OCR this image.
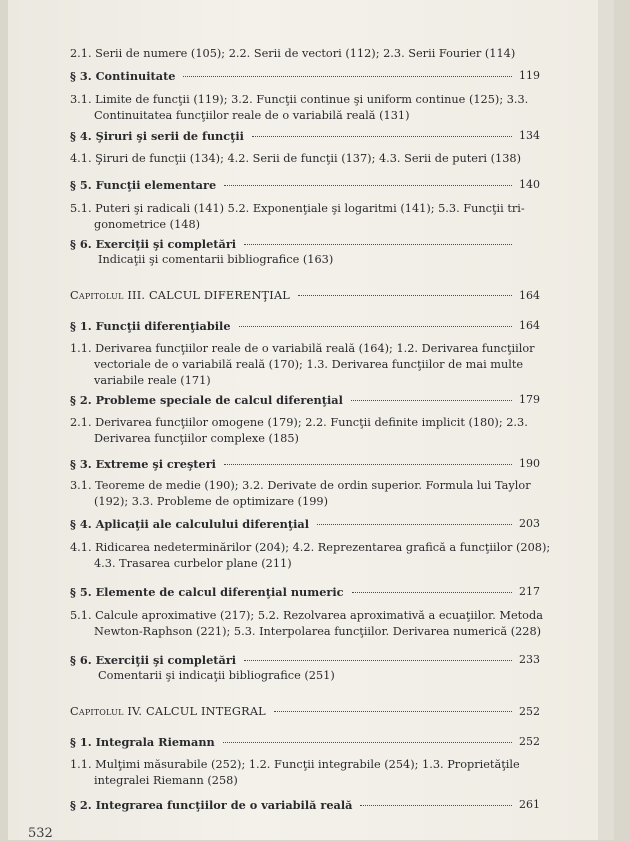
2.1. Serii de numere (105); 2.2. Serii de vectori (112); 2.3. Serii Fourier (114)
§ 3. Continuitate	119
3.1. Limite de funcţii (119); 3.2. Funcţii continue şi uniform continue (125); 3.3.
Continuitatea funcţiilor reale de o variabilă reală (131)
§ 4. Şiruri şi serii de funcţii	134
4.1. Şiruri de funcţii (134); 4.2. Serii de funcţii (137); 4.3. Serii de puteri (138)
§ 5. Funcţii elementare	140
5.1. Puteri şi radicali (141) 5.2. Exponenţiale şi logaritmi (141); 5.3. Funcţii tri-
gonometrice (148)
§ 6. Exerciţii şi completări
Indicaţii şi comentarii bibliografice (163)
Capitolul III. CALCUL DIFERENŢIAL	164
§ 1. Funcţii diferenţiabile	164
1.1. Derivarea funcţiilor reale de o variabilă reală (164); 1.2. Derivarea funcţiilor
vectoriale de o variabilă reală (170); 1.3. Derivarea funcţiilor de mai multe
variabile reale (171)
§ 2. Probleme speciale de calcul diferenţial	179
2.1. Derivarea funcţiilor omogene (179); 2.2. Funcţii definite implicit (180); 2.3.
Derivarea funcţiilor complexe (185)
§ 3. Extreme şi creşteri	190
3.1. Teoreme de medie (190); 3.2. Derivate de ordin superior. Formula lui Taylor
(192); 3.3. Probleme de optimizare (199)
§ 4. Aplicaţii ale calculului diferenţial	203
4.1. Ridicarea nedeterminărilor (204); 4.2. Reprezentarea grafică a funcţiilor (208);
4.3. Trasarea curbelor plane (211)
§ 5. Elemente de calcul diferenţial numeric	217
5.1. Calcule aproximative (217); 5.2. Rezolvarea aproximativă a ecuaţiilor. Metoda
Newton-Raphson (221); 5.3. Interpolarea funcţiilor. Derivarea numerică (228)
§ 6. Exerciţii şi completări	233
Comentarii şi indicaţii bibliografice (251)
Capitolul IV. CALCUL INTEGRAL	252
§ 1. Integrala Riemann	252
1.1. Mulţimi măsurabile (252); 1.2. Funcţii integrabile (254); 1.3. Proprietăţile
integralei Riemann (258)
§ 2. Integrarea funcţiilor de o variabilă reală	261
532
